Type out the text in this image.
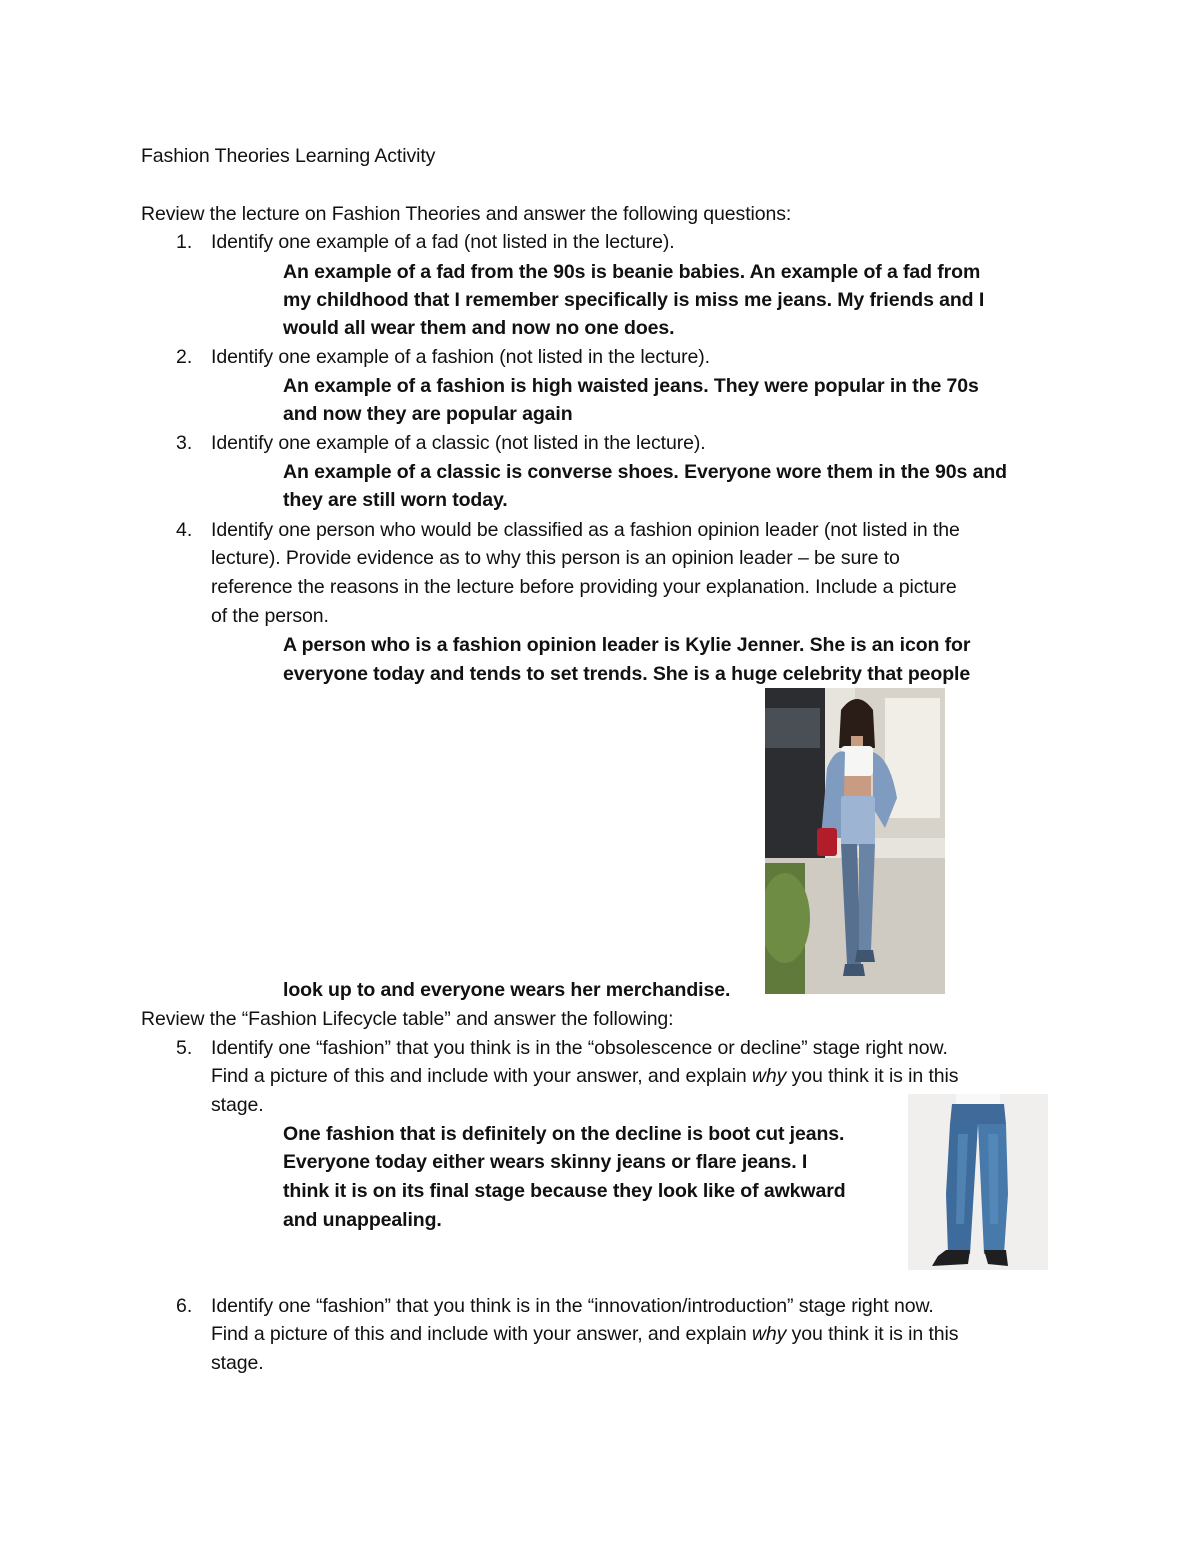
Fashion Theories Learning Activity
Review the lecture on Fashion Theories and answer the following questions:
1. Identify one example of a fad (not listed in the lecture).
An example of a fad from the 90s is beanie babies. An example of a fad from
my childhood that I remember specifically is miss me jeans. My friends and I
would all wear them and now no one does.
2. Identify one example of a fashion (not listed in the lecture).
An example of a fashion is high waisted jeans. They were popular in the 70s
and now they are popular again
3. Identify one example of a classic (not listed in the lecture).
An example of a classic is converse shoes. Everyone wore them in the 90s and
they are still worn today.
4. Identify one person who would be classified as a fashion opinion leader (not listed in the
lecture). Provide evidence as to why this person is an opinion leader – be sure to
reference the reasons in the lecture before providing your explanation. Include a picture
of the person.
A person who is a fashion opinion leader is Kylie Jenner. She is an icon for
everyone today and tends to set trends. She is a huge celebrity that people
look up to and everyone wears her merchandise.
Review the “Fashion Lifecycle table” and answer the following:
5. Identify one “fashion” that you think is in the “obsolescence or decline” stage right now.
Find a picture of this and include with your answer, and explain why you think it is in this
stage.
One fashion that is definitely on the decline is boot cut jeans.
Everyone today either wears skinny jeans or flare jeans. I
think it is on its final stage because they look like of awkward
and unappealing.
6. Identify one “fashion” that you think is in the “innovation/introduction” stage right now.
Find a picture of this and include with your answer, and explain why you think it is in this
stage.
